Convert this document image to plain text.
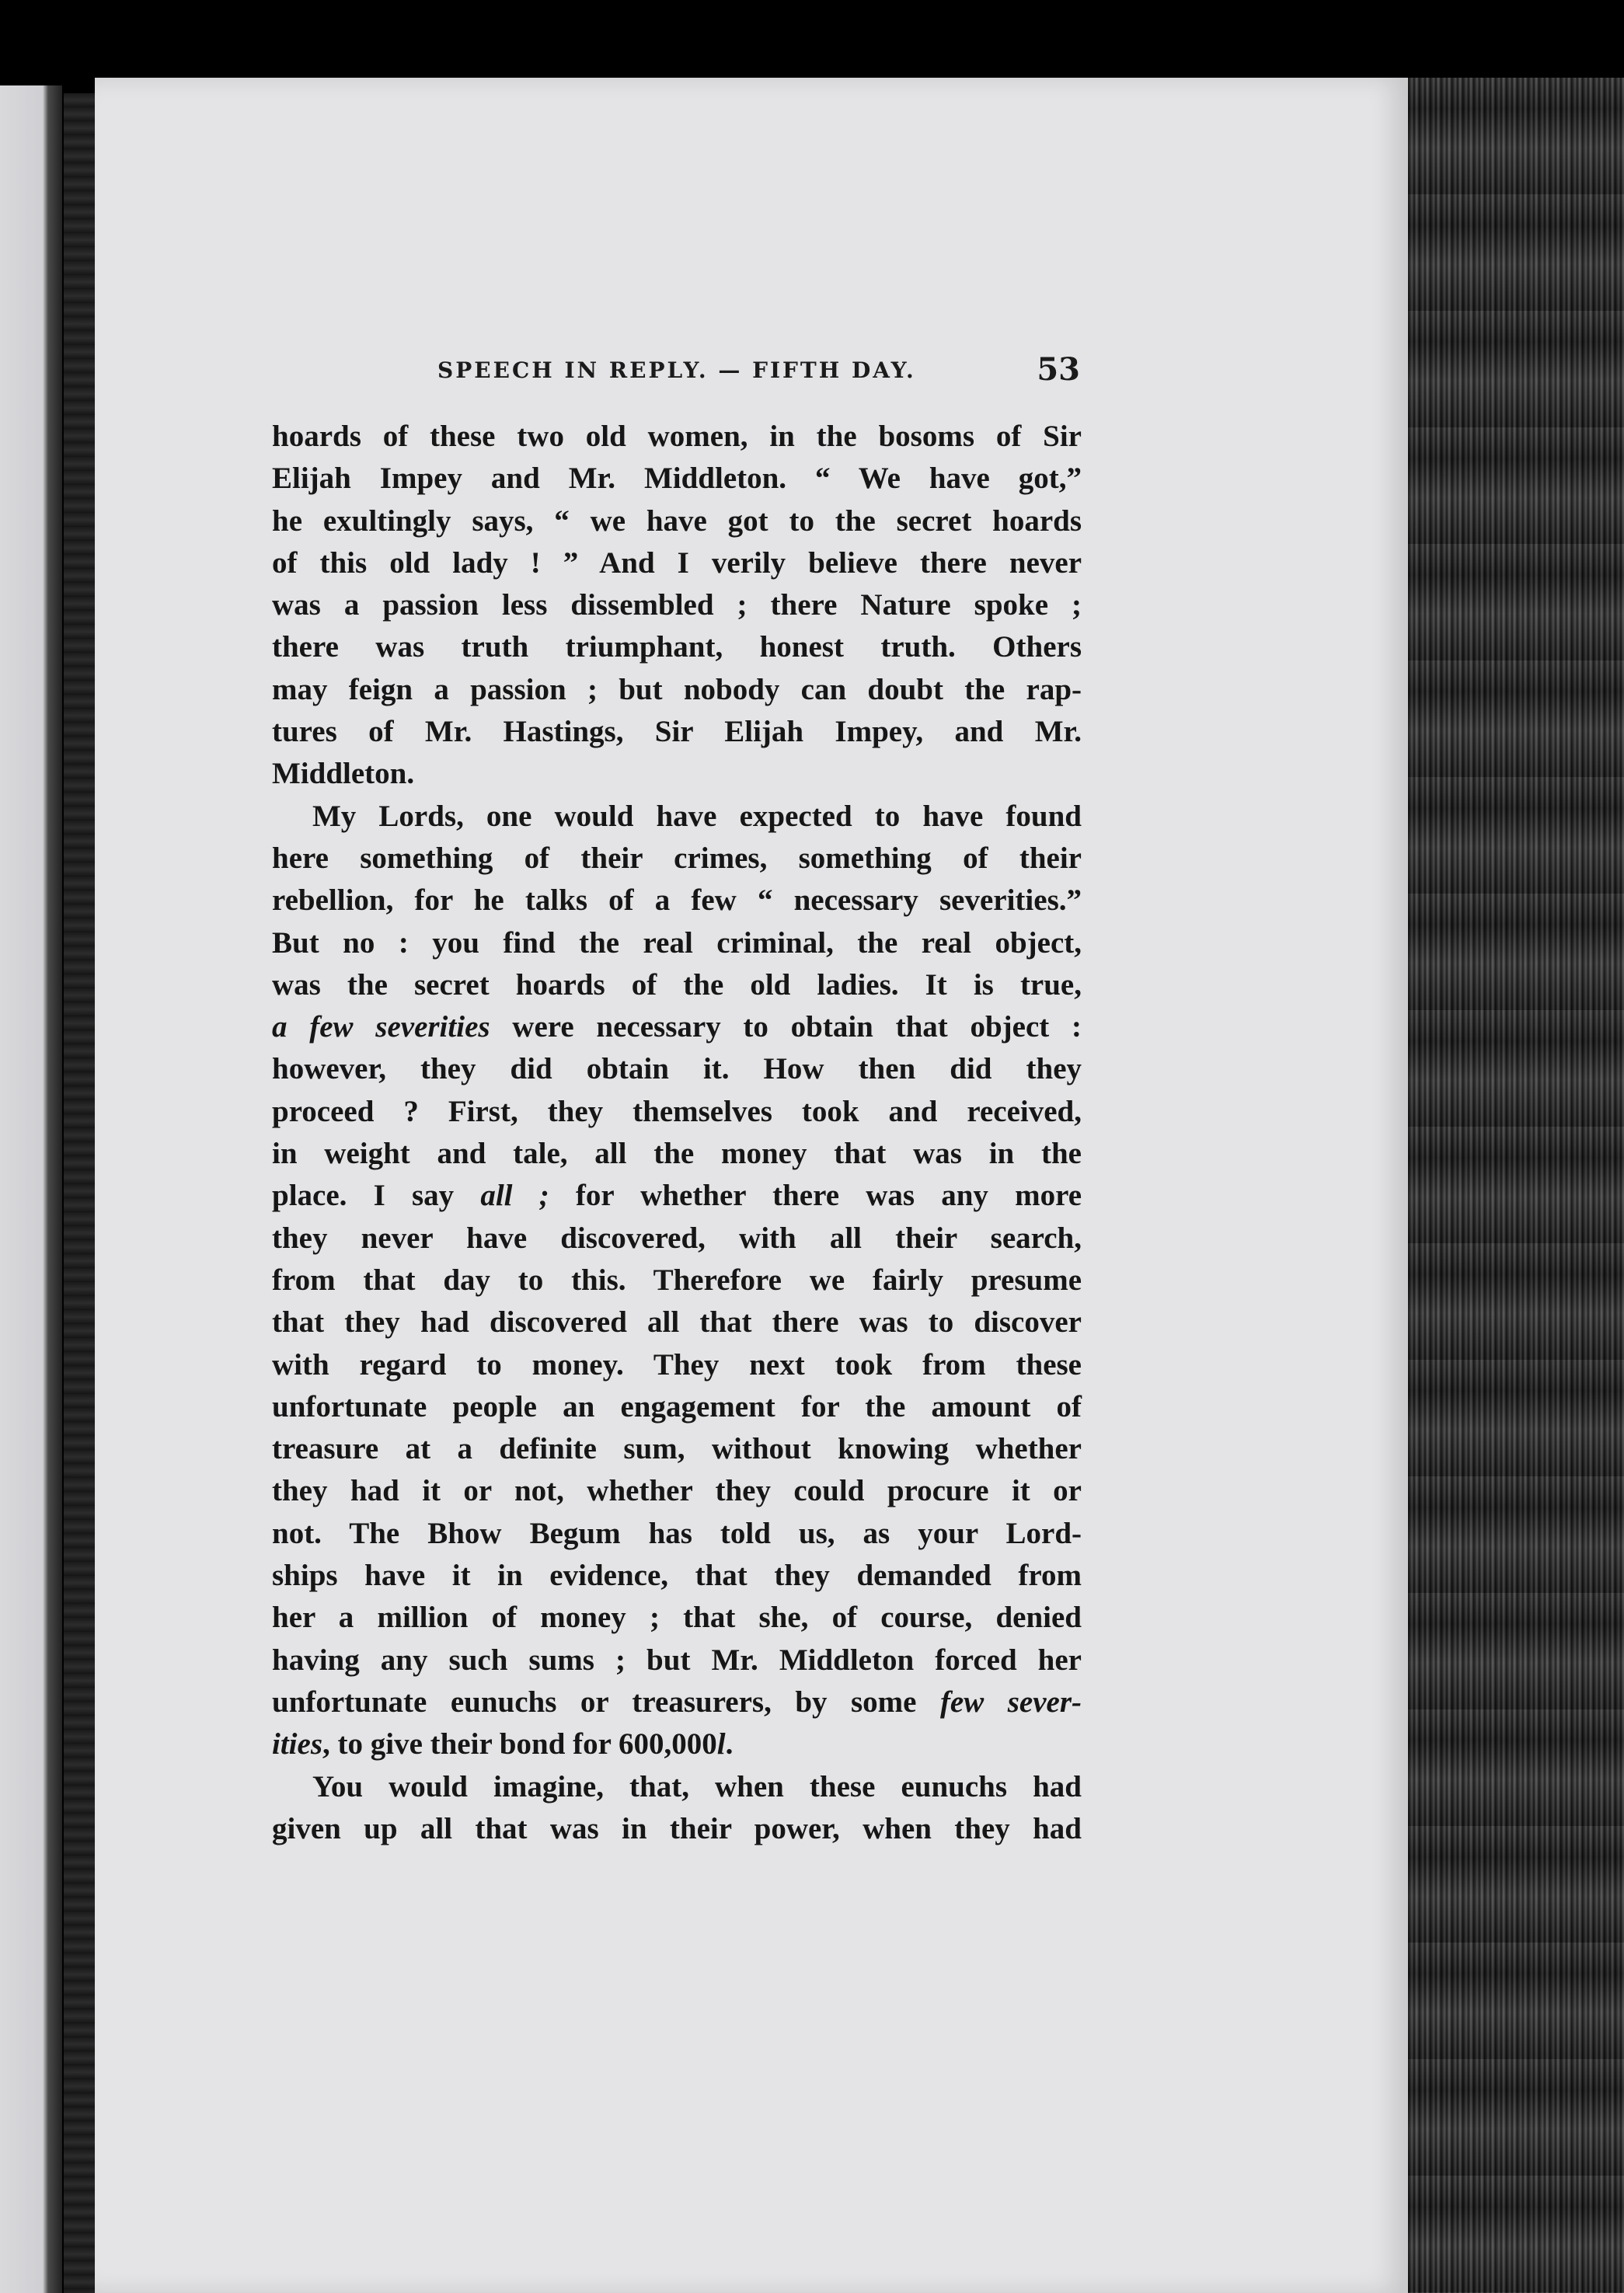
SPEECH IN REPLY. — FIFTH DAY.	53
hoards of these two old women, in the bosoms of Sir
Elijah Impey and Mr. Middleton. “ We have got,”
he exultingly says, “ we have got to the secret hoards
of this old lady ! ” And I verily believe there never
was a passion less dissembled ; there Nature spoke ;
there was truth triumphant, honest truth. Others
may feign a passion ; but nobody can doubt the rap-
tures of Mr. Hastings, Sir Elijah Impey, and Mr.
Middleton.
My Lords, one would have expected to have found
here something of their crimes, something of their
rebellion, for he talks of a few “ necessary severities.”
But no : you find the real criminal, the real object,
was the secret hoards of the old ladies. It is true,
a few severities were necessary to obtain that object :
however, they did obtain it. How then did they
proceed ? First, they themselves took and received,
in weight and tale, all the money that was in the
place. I say all ; for whether there was any more
they never have discovered, with all their search,
from that day to this. Therefore we fairly presume
that they had discovered all that there was to discover
with regard to money. They next took from these
unfortunate people an engagement for the amount of
treasure at a definite sum, without knowing whether
they had it or not, whether they could procure it or
not. The Bhow Begum has told us, as your Lord-
ships have it in evidence, that they demanded from
her a million of money ; that she, of course, denied
having any such sums ; but Mr. Middleton forced her
unfortunate eunuchs or treasurers, by some few sever-
ities, to give their bond for 600,000l.
You would imagine, that, when these eunuchs had
given up all that was in their power, when they had
